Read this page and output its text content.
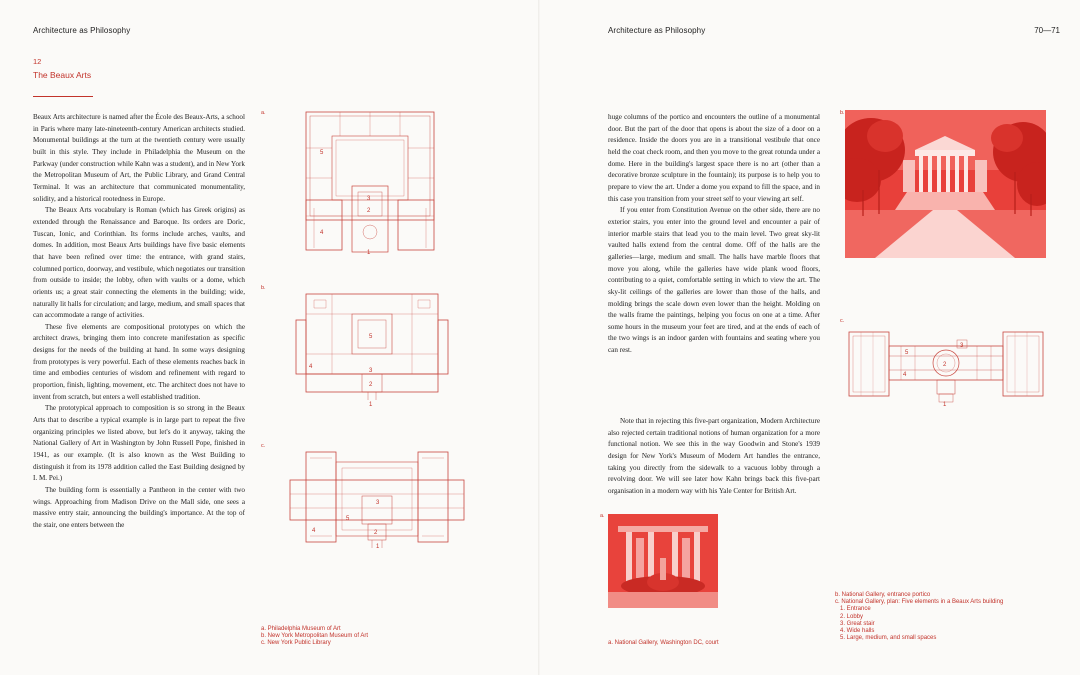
Architecture as Philosophy
12
The Beaux Arts

Beaux Arts architecture is named after the École des Beaux-Arts, a school in Paris where many late-nineteenth-century American architects studied. Monumental buildings at the turn at the twentieth century were usually built in this style. They include in Philadelphia the Museum on the Parkway (under construction while Kahn was a student), and in New York the Metropolitan Museum of Art, the Public Library, and Grand Central Terminal. It was an architecture that communicated monumentality, solidity, and a historical rootedness in Europe.

The Beaux Arts vocabulary is Roman (which has Greek origins) as extended through the Renaissance and Baroque. Its orders are Doric, Tuscan, Ionic, and Corinthian. Its forms include arches, vaults, and domes. In addition, most Beaux Arts buildings have five basic elements that have been refined over time: the entrance, with grand stairs, columned portico, doorway, and vestibule, which negotiates our transition from outside to inside; the lobby, often with vaults or a dome, which orients us; a great stair connecting the elements in the building; wide, naturally lit halls for circulation; and large, medium, and small spaces that can accommodate a range of activities.

These five elements are compositional prototypes on which the architect draws, bringing them into concrete manifestation as specific designs for the needs of the building at hand. In some ways designing from prototypes is very powerful. Each of these elements reaches back in time and embodies centuries of wisdom and refinement with regard to proportion, finish, lighting, movement, etc. The architect does not have to invent from scratch, but enters a well established tradition.

The prototypical approach to composition is so strong in the Beaux Arts that to describe a typical example is in large part to repeat the five organizing principles we listed above, but let's do it anyway, taking the National Gallery of Art in Washington by John Russell Pope, finished in 1941, as our example. (It is also known as the West Building to distinguish it from its 1978 addition called the East Building designed by I. M. Pei.)

The building form is essentially a Pantheon in the center with two wings. Approaching from Madison Drive on the Mall side, one sees a massive entry stair, announcing the building's importance. At the top of the stair, one enters between the

a.
b.
c.
5
3
2
4
1
5
3
4
2
1
3
5
4	2
1
a. Philadelphia Museum of Art
b. New York Metropolitan Museum of Art
c. New York Public Library
Architecture as Philosophy	70—71

huge columns of the portico and encounters the outline of a monumental door. But the part of the door that opens is about the size of a door on a residence. Inside the doors you are in a transitional vestibule that once held the coat check room, and then you move to the great rotunda under a dome. Here in the building's largest space there is no art (other than a decorative bronze sculpture in the fountain); its purpose is to help you to prepare to view the art. Under a dome you expand to fill the space, and in this case you transition from your street self to your viewing art self.

If you enter from Constitution Avenue on the other side, there are no exterior stairs, you enter into the ground level and encounter a pair of interior marble stairs that lead you to the main level. Two great sky-lit vaulted halls extend from the central dome. Off of the halls are the galleries—large, medium and small. The halls have marble floors that move you along, while the galleries have wide plank wood floors, contributing to a quiet, comfortable setting in which to view the art. The sky-lit ceilings of the galleries are lower than those of the halls, and molding brings the scale down even lower than the height. Molding on the walls frame the paintings, helping you focus on one at a time. After some hours in the museum your feet are tired, and at the ends of each of the two wings is an indoor garden with fountains and seating where you can rest.

Note that in rejecting this five-part organization, Modern Architecture also rejected certain traditional notions of human organization for a more functional notion. We see this in the way Goodwin and Stone's 1939 design for New York's Museum of Modern Art handles the entrance, taking you directly from the sidewalk to a vacuous lobby through a revolving door. We will see later how Kahn brings back this five-part organisation in a modern way with his Yale Center for British Art.

a.
b.
c.
5
3
2
4
1
a. National Gallery, Washington DC, court
b. National Gallery, entrance portico
c. National Gallery, plan: Five elements in a Beaux Arts building
1. Entrance
2. Lobby
3. Great stair
4. Wide halls
5. Large, medium, and small spaces
